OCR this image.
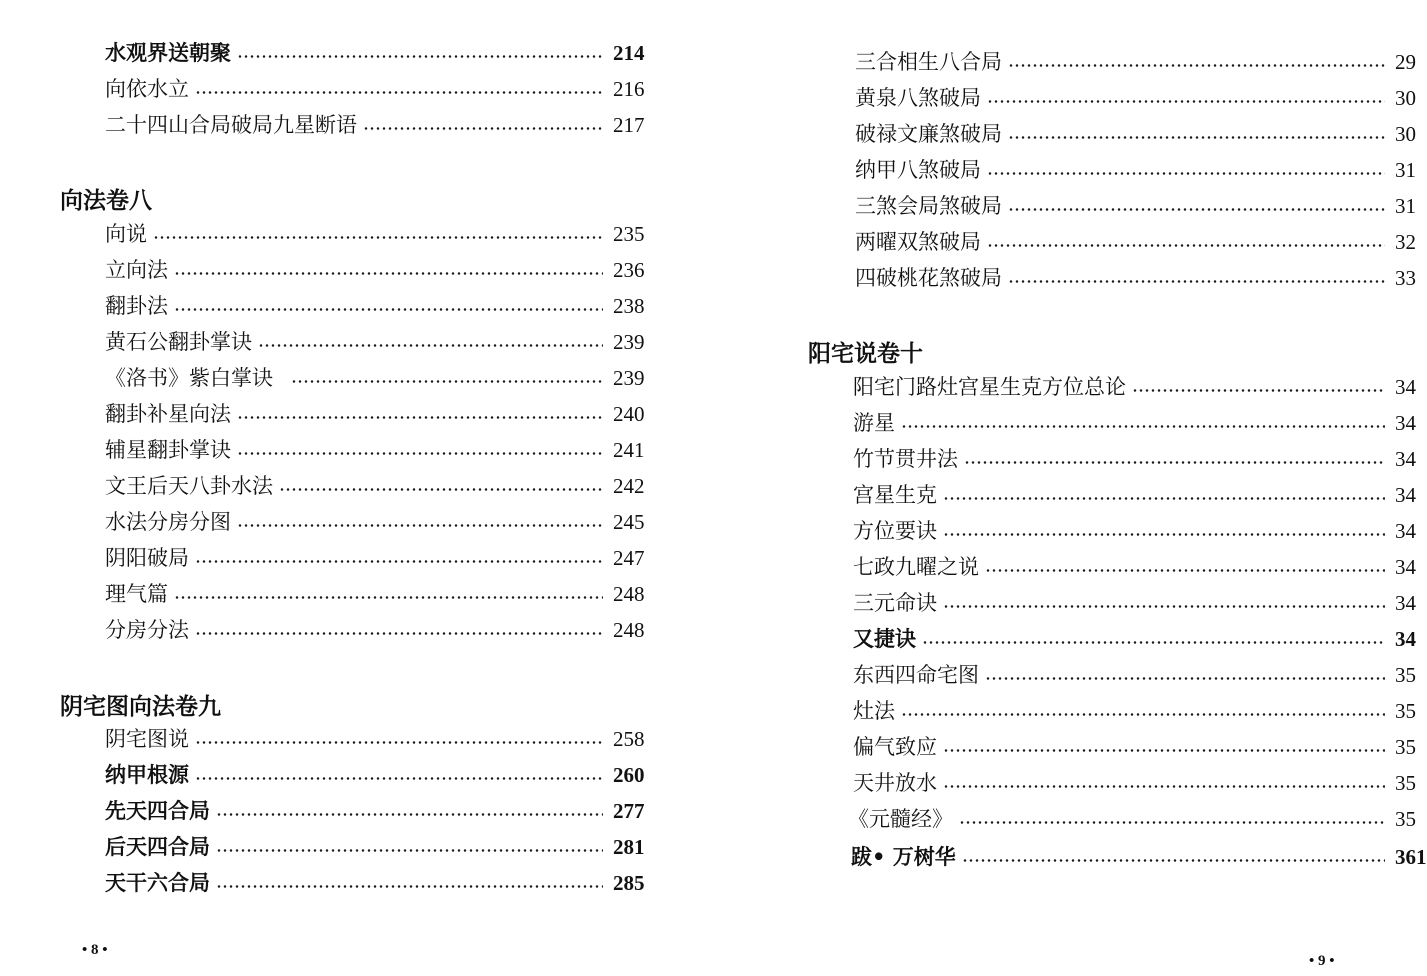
水观界送朝聚	214
向依水立	216
二十四山合局破局九星断语	217
向法卷八
向说	235
立向法	236
翻卦法	238
黄石公翻卦掌诀	239
《洛书》紫白掌诀	239
翻卦补星向法	240
辅星翻卦掌诀	241
文王后天八卦水法	242
水法分房分图	245
阴阳破局	247
理气篇	248
分房分法	248
阴宅图向法卷九
阴宅图说	258
纳甲根源	260
先天四合局	277
后天四合局	281
天干六合局	285
• 8 •
三合相生八合局	29
黄泉八煞破局	30
破禄文廉煞破局	30
纳甲八煞破局	31
三煞会局煞破局	31
两曜双煞破局	32
四破桃花煞破局	33
阳宅说卷十
阳宅门路灶宫星生克方位总论	34
游星	34
竹节贯井法	34
宫星生克	34
方位要诀	34
七政九曜之说	34
三元命诀	34
又捷诀	34
东西四命宅图	35
灶法	35
偏气致应	35
天井放水	35
《元髓经》	35
跋• 万树华	361
• 9 •
